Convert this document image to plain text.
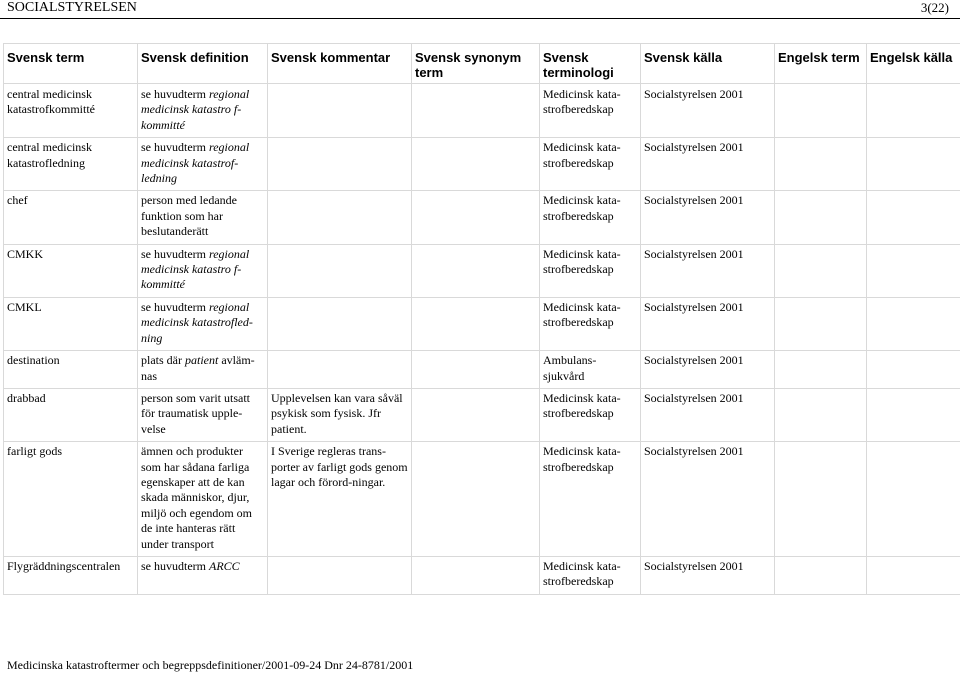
SOCIALSTYRELSEN	3(22)
Svensk term	Svensk definition	Svensk kommentar	Svensk synonym term	Svensk terminologi	Svensk källa	Engelsk term	Engelsk källa
central medicinsk katastrofkommitté	se huvudterm regional medicinsk katastro f-kommitté			Medicinsk kata-strofberedskap	Socialstyrelsen 2001		
central medicinsk katastrofledning	se huvudterm regional medicinsk katastrof-ledning			Medicinsk kata-strofberedskap	Socialstyrelsen 2001		
chef	person med ledande funktion som har beslutanderätt			Medicinsk kata-strofberedskap	Socialstyrelsen 2001		
CMKK	se huvudterm regional medicinsk katastro f-kommitté			Medicinsk kata-strofberedskap	Socialstyrelsen 2001		
CMKL	se huvudterm regional medicinsk katastrofled-ning			Medicinsk kata-strofberedskap	Socialstyrelsen 2001		
destination	plats där patient avläm-nas			Ambulans-sjukvård	Socialstyrelsen 2001		
drabbad	person som varit utsatt för traumatisk upple-velse	Upplevelsen kan vara såväl psykisk som fysisk. Jfr patient.		Medicinsk kata-strofberedskap	Socialstyrelsen 2001		
farligt gods	ämnen och produkter som har sådana farliga egenskaper att de kan skada människor, djur, miljö och egendom om de inte hanteras rätt under transport	I Sverige regleras trans-porter av farligt gods genom lagar och förord-ningar.		Medicinsk kata-strofberedskap	Socialstyrelsen 2001		
Flygräddningscentralen	se huvudterm ARCC			Medicinsk kata-strofberedskap	Socialstyrelsen 2001		
Medicinska katastroftermer och begreppsdefinitioner/2001-09-24 Dnr 24-8781/2001
